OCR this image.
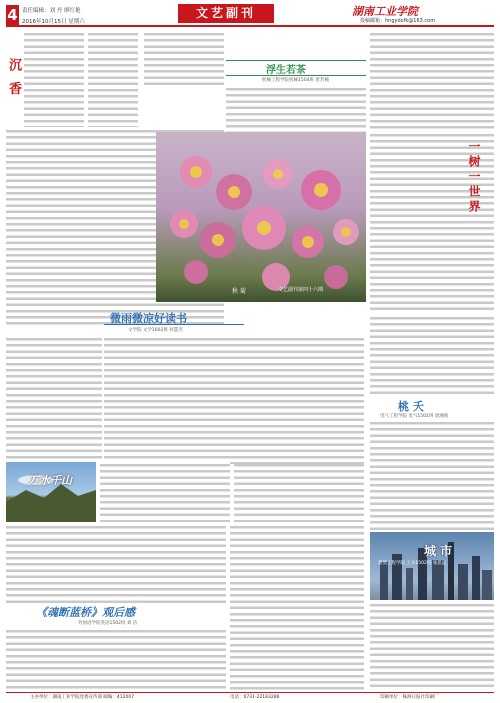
4 责任编辑：刘 丹 廖红艳
2016年10月15日 星期六
文艺副刊	湖南工业学院
投稿邮箱：hngydxfk@163.com
沉 香	浮生若茶
机械工程学院机械1504班 唐若楠
秋 菊	文艺副刊第四十六期
一树一世界
微雨微凉好读书
文学院 文学1602班 何慧杰
万水千山
《魂断蓝桥》观后感
外国语学院英语1502班 刘 洁
桃 夭
电气工程学院 电气1501班 唐湘萌
城 市
建筑工程学院 土木1502班 张思远
主办单位：湖南工业学院党委宣传部 邮编：412007	电话：0731-22183286	印刷单位：株洲日报社印刷厂
